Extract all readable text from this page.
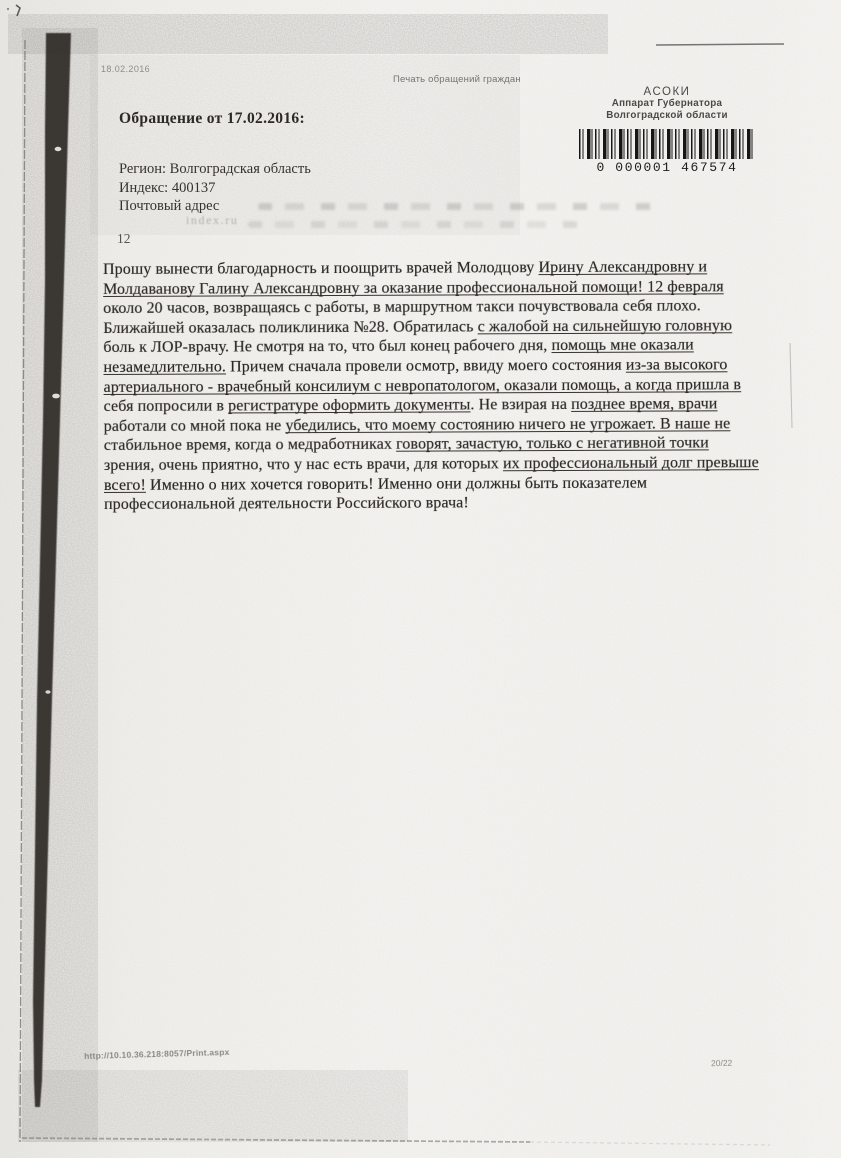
18.02.2016
Печать обращений граждан
АСОКИ
Аппарат Губернатора
Волгоградской области
0 000001 467574
Обращение от 17.02.2016:
Регион: Волгоградская область
Индекс: 400137
Почтовый адрес
index.ru
12
Прошу вынести благодарность и поощрить врачей Молодцову Ирину Александровну и
Молдаванову Галину Александровну за оказание профессиональной помощи! 12 февраля
около 20 часов, возвращаясь с работы, в маршрутном такси почувствовала себя плохо.
Ближайшей оказалась поликлиника №28. Обратилась с жалобой на сильнейшую головную
боль к ЛОР-врачу. Не смотря на то, что был конец рабочего дня, помощь мне оказали
незамедлительно. Причем сначала провели осмотр, ввиду моего состояния из-за высокого
артериального - врачебный консилиум с невропатологом, оказали помощь, а когда пришла в
себя попросили в регистратуре оформить документы. Не взирая на позднее время, врачи
работали со мной пока не убедились, что моему состоянию ничего не угрожает. В наше не
стабильное время, когда о медработниках говорят, зачастую, только с негативной точки
зрения, очень приятно, что у нас есть врачи, для которых их профессиональный долг превыше
всего! Именно о них хочется говорить! Именно они должны быть показателем
профессиональной деятельности Российского врача!
http://10.10.36.218:8057/Print.aspx
20/22
